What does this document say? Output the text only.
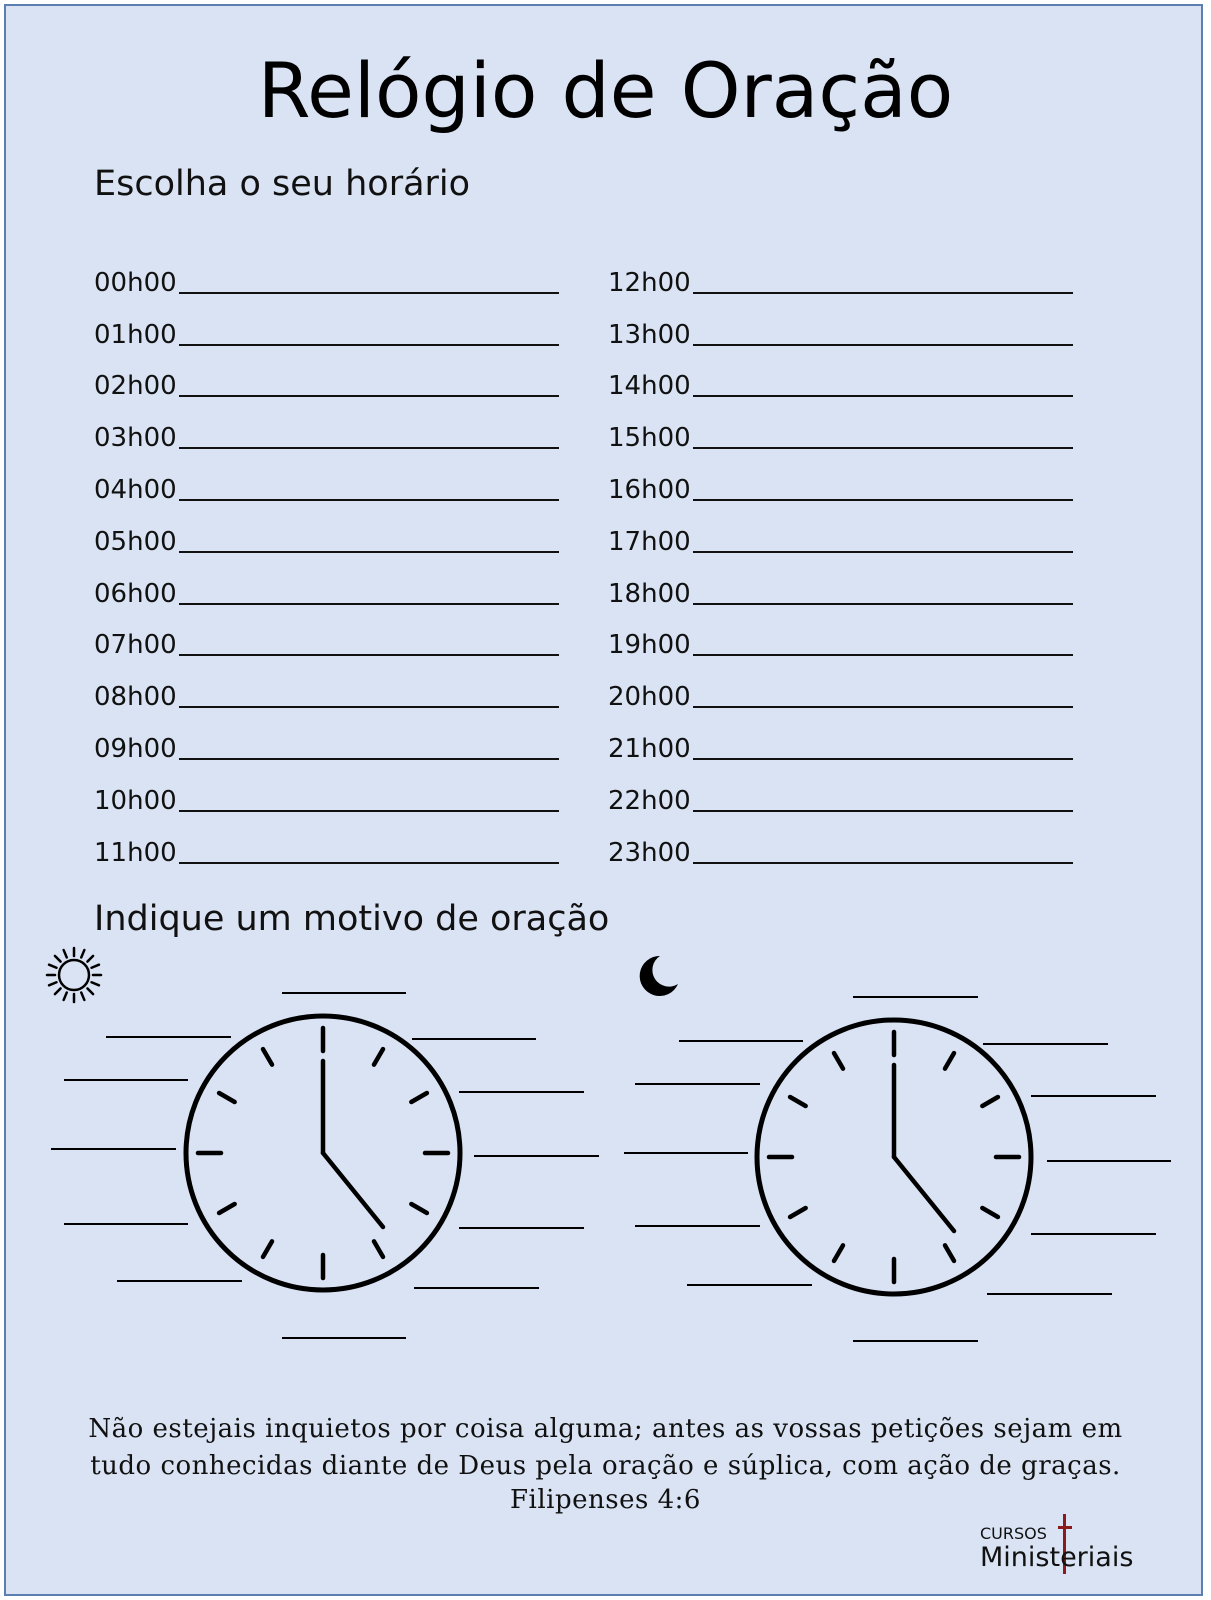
Relógio de Oração
Escolha o seu horário
00h00
01h00
02h00
03h00
04h00
05h00
06h00
07h00
08h00
09h00
10h00
11h00
12h00
13h00
14h00
15h00
16h00
17h00
18h00
19h00
20h00
21h00
22h00
23h00
Indique um motivo de oração
Não estejais inquietos por coisa alguma; antes as vossas petições sejam em
tudo conhecidas diante de Deus pela oração e súplica, com ação de graças.
Filipenses 4:6
CURSOS
Ministeriais
